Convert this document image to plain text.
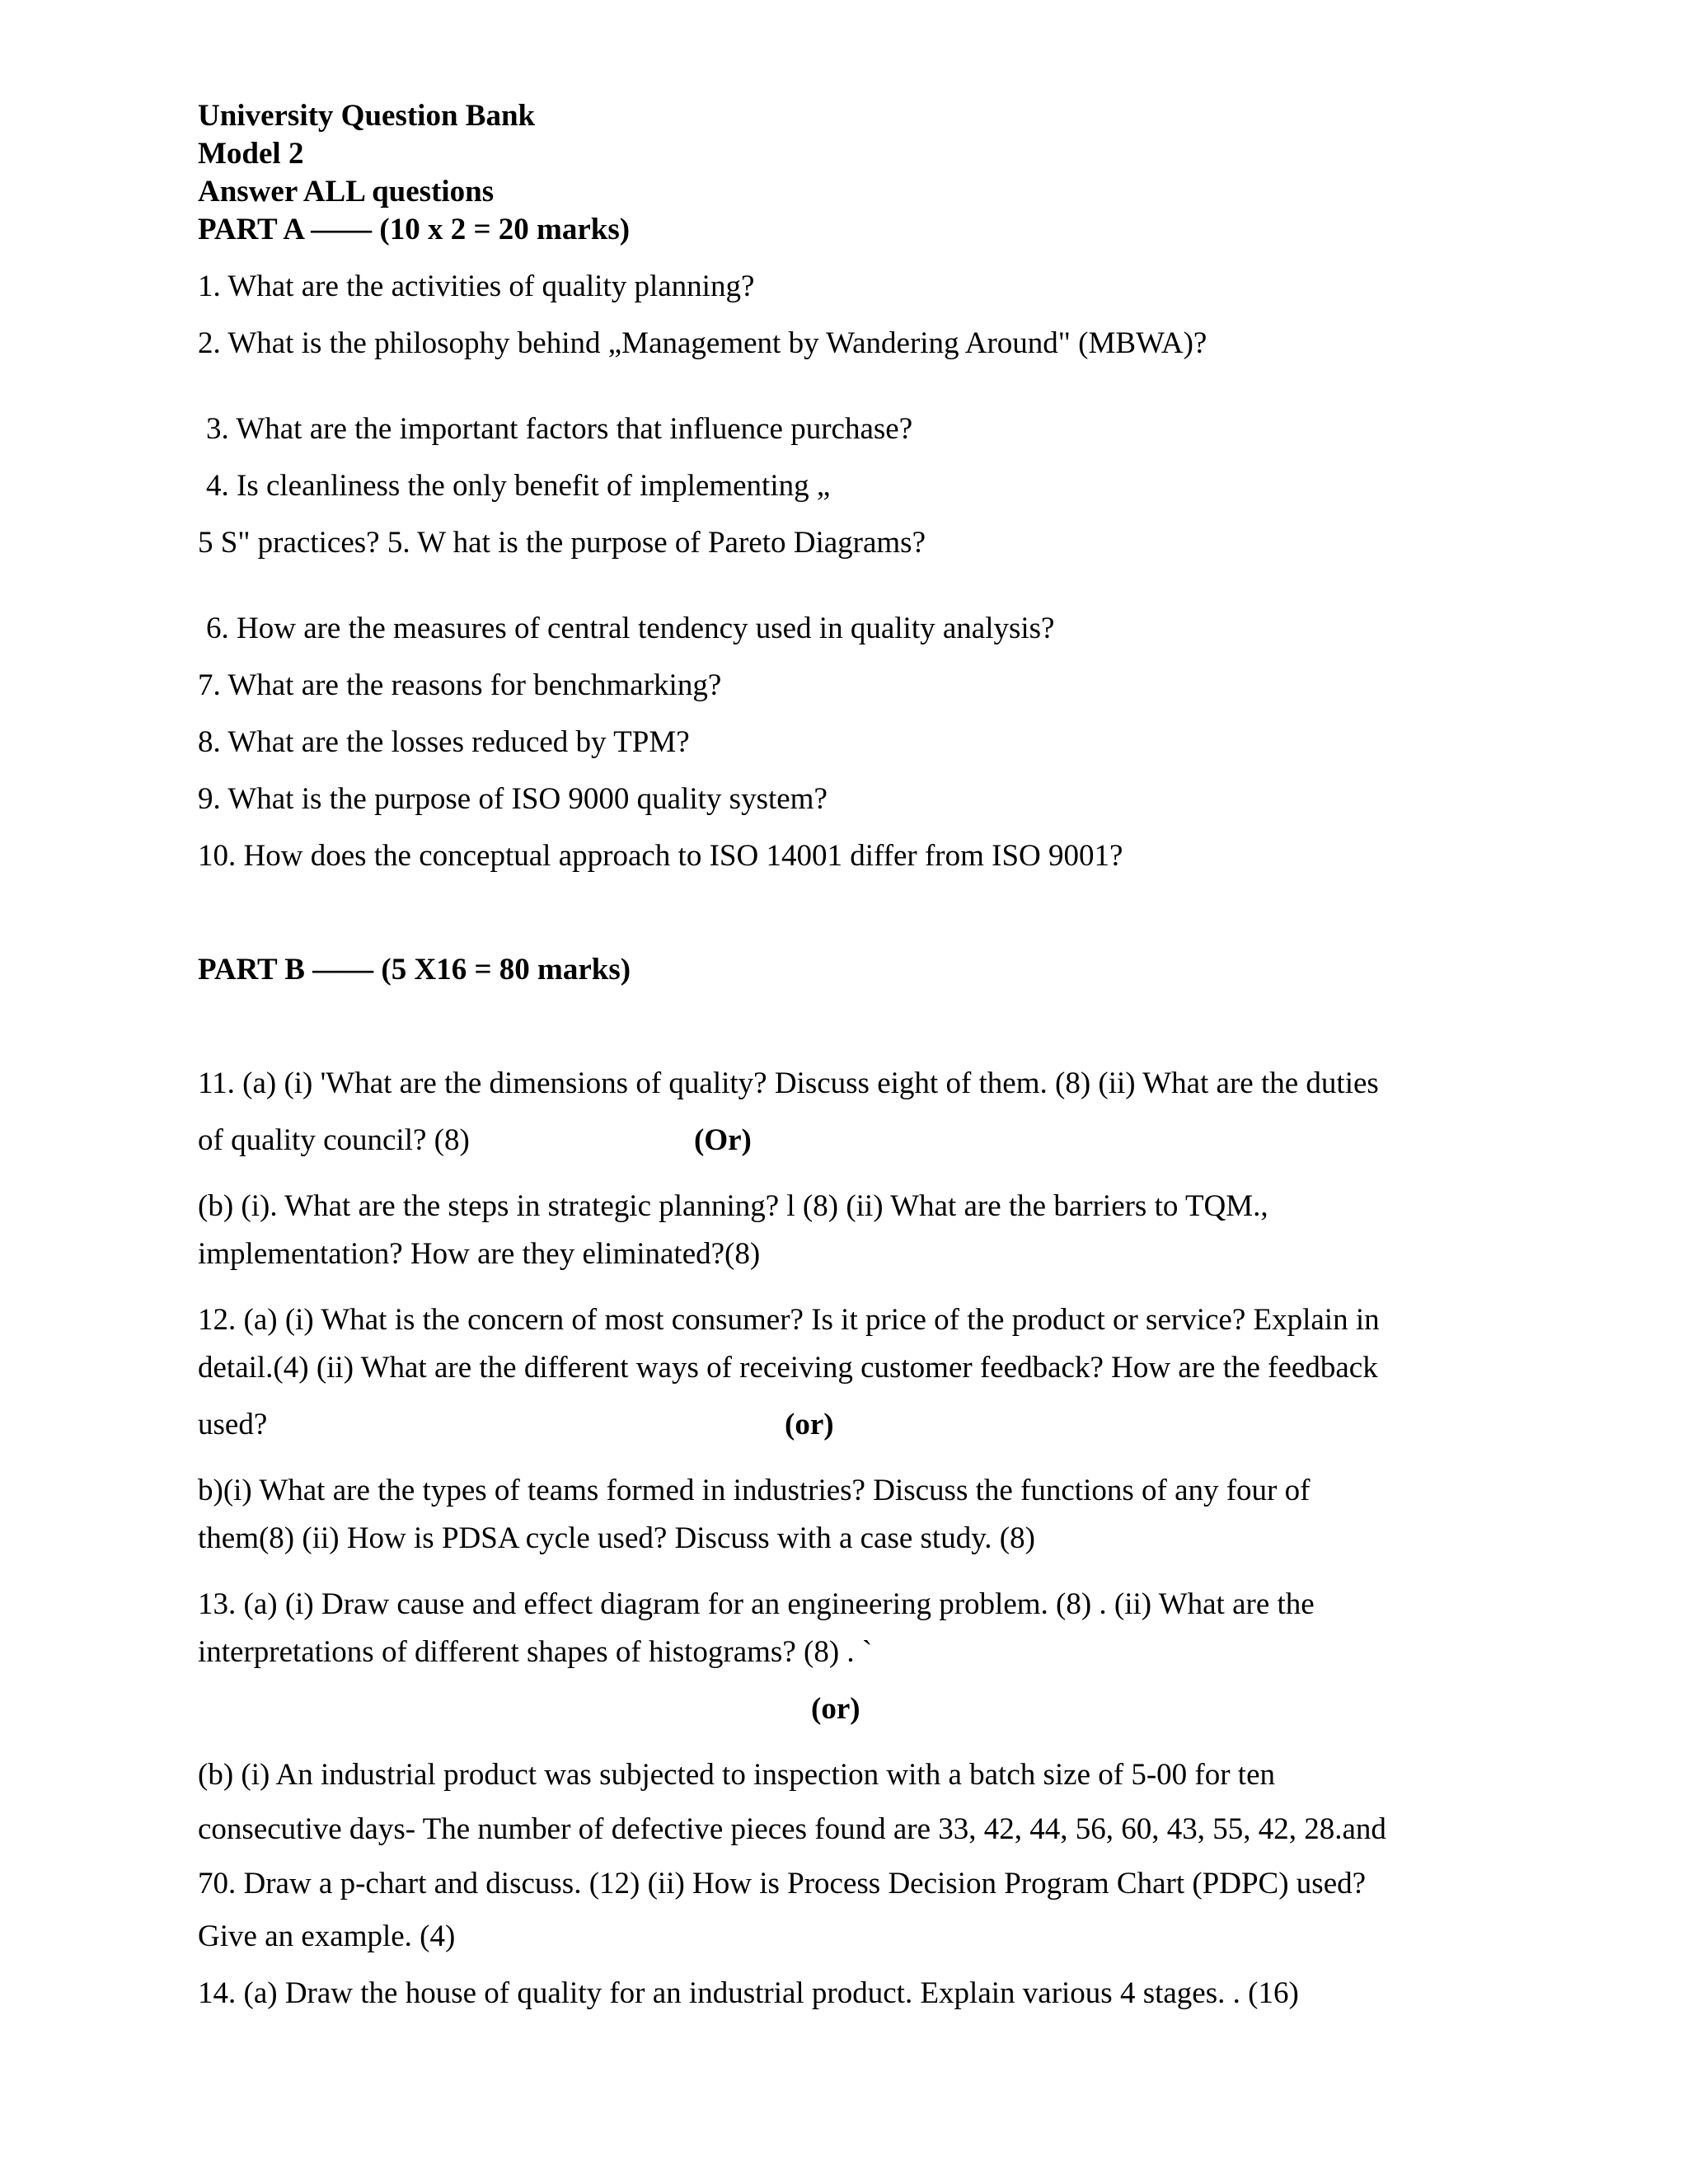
University Question Bank
Model 2
Answer ALL questions
PART A —— (10 x 2 = 20 marks)
1. What are the activities of quality planning?
2. What is the philosophy behind „Management by Wandering Around" (MBWA)?
3. What are the important factors that influence purchase?
4. Is cleanliness the only benefit of implementing „
5 S" practices? 5. W hat is the purpose of Pareto Diagrams?
6. How are the measures of central tendency used in quality analysis?
7. What are the reasons for benchmarking?
8. What are the losses reduced by TPM?
9. What is the purpose of ISO 9000 quality system?
10. How does the conceptual approach to ISO 14001 differ from ISO 9001?
PART B —— (5 X16 = 80 marks)
11. (a) (i) 'What are the dimensions of quality? Discuss eight of them. (8) (ii) What are the duties
of quality council? (8)	(Or)
(b) (i). What are the steps in strategic planning? l (8) (ii) What are the barriers to TQM.,
implementation? How are they eliminated?(8)
12. (a) (i) What is the concern of most consumer? Is it price of the product or service? Explain in
detail.(4) (ii) What are the different ways of receiving customer feedback? How are the feedback
used?	(or)
b)(i) What are the types of teams formed in industries? Discuss the functions of any four of
them(8) (ii) How is PDSA cycle used? Discuss with a case study. (8)
13. (a) (i) Draw cause and effect diagram for an engineering problem. (8) . (ii) What are the
interpretations of different shapes of histograms? (8) . `
(or)
(b) (i) An industrial product was subjected to inspection with a batch size of 5-00 for ten
consecutive days- The number of defective pieces found are 33, 42, 44, 56, 60, 43, 55, 42, 28.and
70. Draw a p-chart and discuss. (12) (ii) How is Process Decision Program Chart (PDPC) used?
Give an example. (4)
14. (a) Draw the house of quality for an industrial product. Explain various 4 stages. . (16)
